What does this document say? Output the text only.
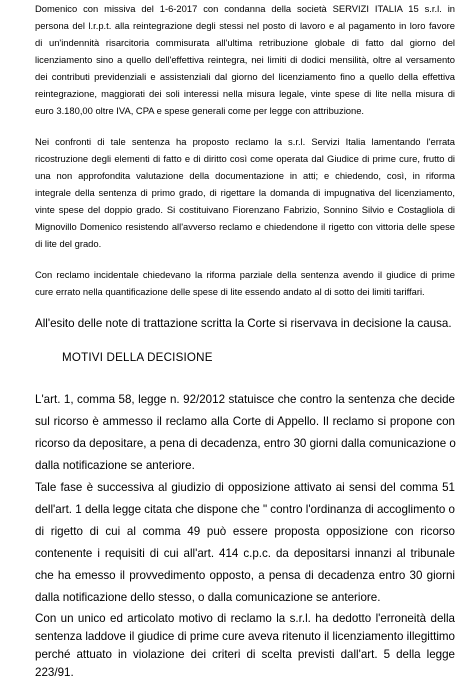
Domenico con missiva del 1-6-2017 con condanna della società SERVIZI ITALIA 15 s.r.l. in
persona del l.r.p.t. alla reintegrazione degli stessi nel posto di lavoro e al pagamento in loro favore
di un'indennità risarcitoria commisurata all'ultima retribuzione globale di fatto dal giorno del
licenziamento sino a quello dell'effettiva reintegra, nei limiti di dodici mensilità, oltre al versamento
dei contributi previdenziali e assistenziali dal giorno del licenziamento fino a quello della effettiva
reintegrazione, maggiorati dei soli interessi nella misura legale, vinte spese di lite nella misura di
euro 3.180,00 oltre IVA, CPA e spese generali come per legge con attribuzione.
Nei confronti di tale sentenza ha proposto reclamo la s.r.l. Servizi Italia lamentando l'errata
ricostruzione degli elementi di fatto e di diritto così come operata dal Giudice di prime cure, frutto di
una non approfondita valutazione della documentazione in atti; e chiedendo, così, in riforma
integrale della sentenza di primo grado, di rigettare la domanda di impugnativa del licenziamento,
vinte spese del doppio grado. Si costituivano Fiorenzano Fabrizio, Sonnino Silvio e Costagliola di
Mignovillo Domenico resistendo all'avverso reclamo e chiedendone il rigetto con vittoria delle spese
di lite del grado.
Con reclamo incidentale chiedevano la riforma parziale della sentenza avendo il giudice di prime
cure errato nella quantificazione delle spese di lite essendo andato al di sotto dei limiti tariffari.
All'esito delle note di trattazione scritta la Corte si riservava in decisione la causa.
MOTIVI DELLA DECISIONE
L'art. 1, comma 58, legge n. 92/2012 statuisce che contro la sentenza che decide
sul ricorso è ammesso il reclamo alla Corte di Appello. Il reclamo si propone con
ricorso da depositare, a pena di decadenza, entro 30 giorni dalla comunicazione o
dalla notificazione se anteriore.
Tale fase è successiva al giudizio di opposizione attivato ai sensi del comma 51
dell'art. 1 della legge citata che dispone che " contro l'ordinanza di accoglimento o
di rigetto di cui al comma 49 può essere proposta opposizione con ricorso
contenente i requisiti di cui all'art. 414 c.p.c. da depositarsi innanzi al tribunale
che ha emesso il provvedimento opposto, a pensa di decadenza entro 30 giorni
dalla notificazione dello stesso, o dalla comunicazione se anteriore.
Con un unico ed articolato motivo di reclamo la s.r.l. ha dedotto l'erroneità della
sentenza laddove il giudice di prime cure aveva ritenuto il licenziamento illegittimo
perché attuato in violazione dei criteri di scelta previsti dall'art. 5 della legge
223/91.
